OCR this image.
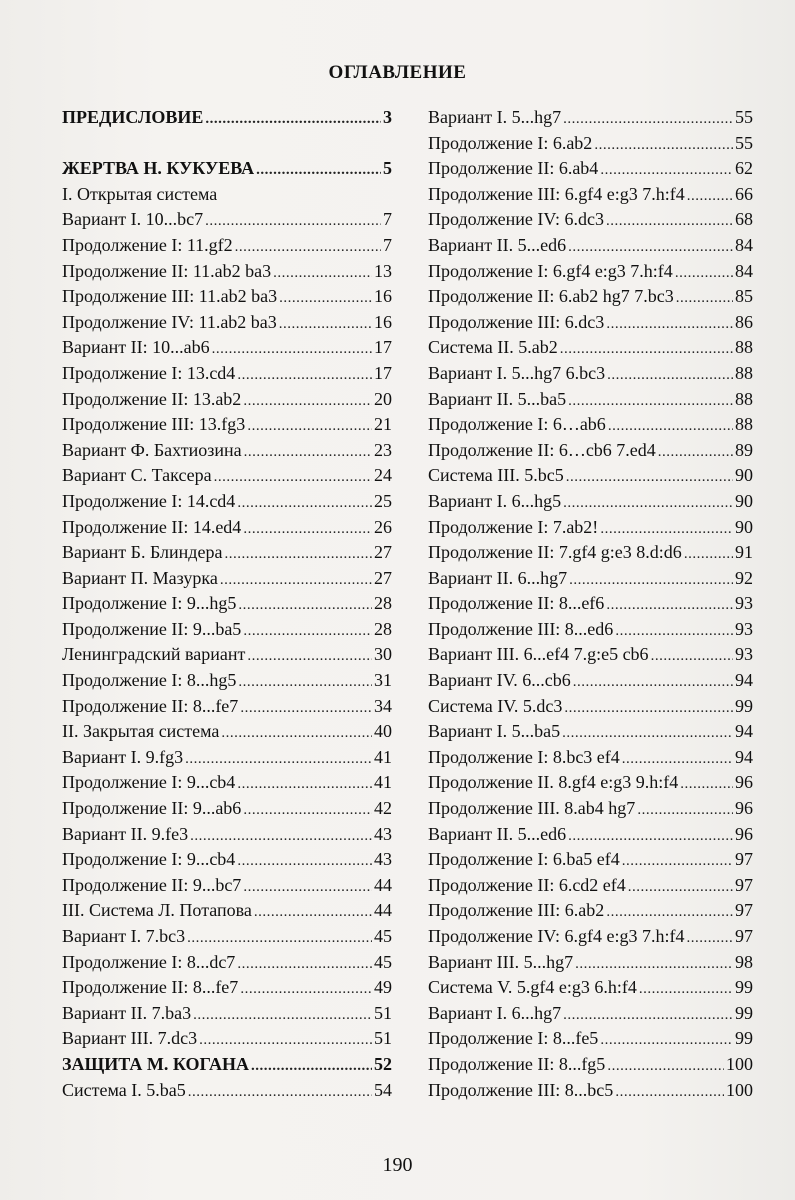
ОГЛАВЛЕНИЕ
ПРЕДИСЛОВИЕ .....	3
ЖЕРТВА Н. КУКУЕВА .....	5
I. Открытая система
Вариант I. 10...bc7 .....	7
Продолжение I: 11.gf2 .....	7
Продолжение II: 11.ab2 ba3 .....	13
Продолжение III: 11.ab2 ba3 .....	16
Продолжение IV: 11.ab2 ba3 .....	16
Вариант II: 10...ab6 .....	17
Продолжение I: 13.cd4 .....	17
Продолжение II: 13.ab2 .....	20
Продолжение III: 13.fg3 .....	21
Вариант Ф. Бахтиозина .....	23
Вариант С. Таксера .....	24
Продолжение I: 14.cd4 .....	25
Продолжение II: 14.ed4 .....	26
Вариант Б. Блиндера .....	27
Вариант П. Мазурка .....	27
Продолжение I: 9...hg5 .....	28
Продолжение II: 9...ba5 .....	28
Ленинградский вариант .....	30
Продолжение I: 8...hg5 .....	31
Продолжение II: 8...fe7 .....	34
II. Закрытая система .....	40
Вариант I. 9.fg3 .....	41
Продолжение I: 9...cb4 .....	41
Продолжение II: 9...ab6 .....	42
Вариант II. 9.fe3 .....	43
Продолжение I: 9...cb4 .....	43
Продолжение II: 9...bc7 .....	44
III. Система Л. Потапова .....	44
Вариант I. 7.bc3 .....	45
Продолжение I: 8...dc7 .....	45
Продолжение II: 8...fe7 .....	49
Вариант II. 7.ba3 .....	51
Вариант III. 7.dc3 .....	51
ЗАЩИТА М. КОГАНА .....	52
Система I. 5.ba5 .....	54
Вариант I. 5...hg7 .....	55
Продолжение I: 6.ab2 .....	55
Продолжение II: 6.ab4 .....	62
Продолжение III: 6.gf4 e:g3 7.h:f4 .....	66
Продолжение IV: 6.dc3 .....	68
Вариант II. 5...ed6 .....	84
Продолжение I: 6.gf4 e:g3 7.h:f4 .....	84
Продолжение II: 6.ab2 hg7 7.bc3 .....	85
Продолжение III: 6.dc3 .....	86
Система II. 5.ab2 .....	88
Вариант I. 5...hg7 6.bc3 .....	88
Вариант II. 5...ba5 .....	88
Продолжение I: 6…ab6 .....	88
Продолжение II: 6…cb6 7.ed4 .....	89
Система III. 5.bc5 .....	90
Вариант I. 6...hg5 .....	90
Продолжение I: 7.ab2! .....	90
Продолжение II: 7.gf4 g:e3 8.d:d6 .....	91
Вариант II. 6...hg7 .....	92
Продолжение II: 8...ef6 .....	93
Продолжение III: 8...ed6 .....	93
Вариант III. 6...ef4 7.g:e5 cb6 .....	93
Вариант IV. 6...cb6 .....	94
Система IV. 5.dc3 .....	99
Вариант I. 5...ba5 .....	94
Продолжение I: 8.bc3 ef4 .....	94
Продолжение II. 8.gf4 e:g3 9.h:f4 .....	96
Продолжение III. 8.ab4 hg7 .....	96
Вариант II. 5...ed6 .....	96
Продолжение I: 6.ba5 ef4 .....	97
Продолжение II: 6.cd2 ef4 .....	97
Продолжение III: 6.ab2 .....	97
Продолжение IV: 6.gf4 e:g3 7.h:f4 .....	97
Вариант III. 5...hg7 .....	98
Система V. 5.gf4 e:g3 6.h:f4 .....	99
Вариант I. 6...hg7 .....	99
Продолжение I: 8...fe5 .....	99
Продолжение II: 8...fg5 .....	100
Продолжение III: 8...bc5 .....	100
190
